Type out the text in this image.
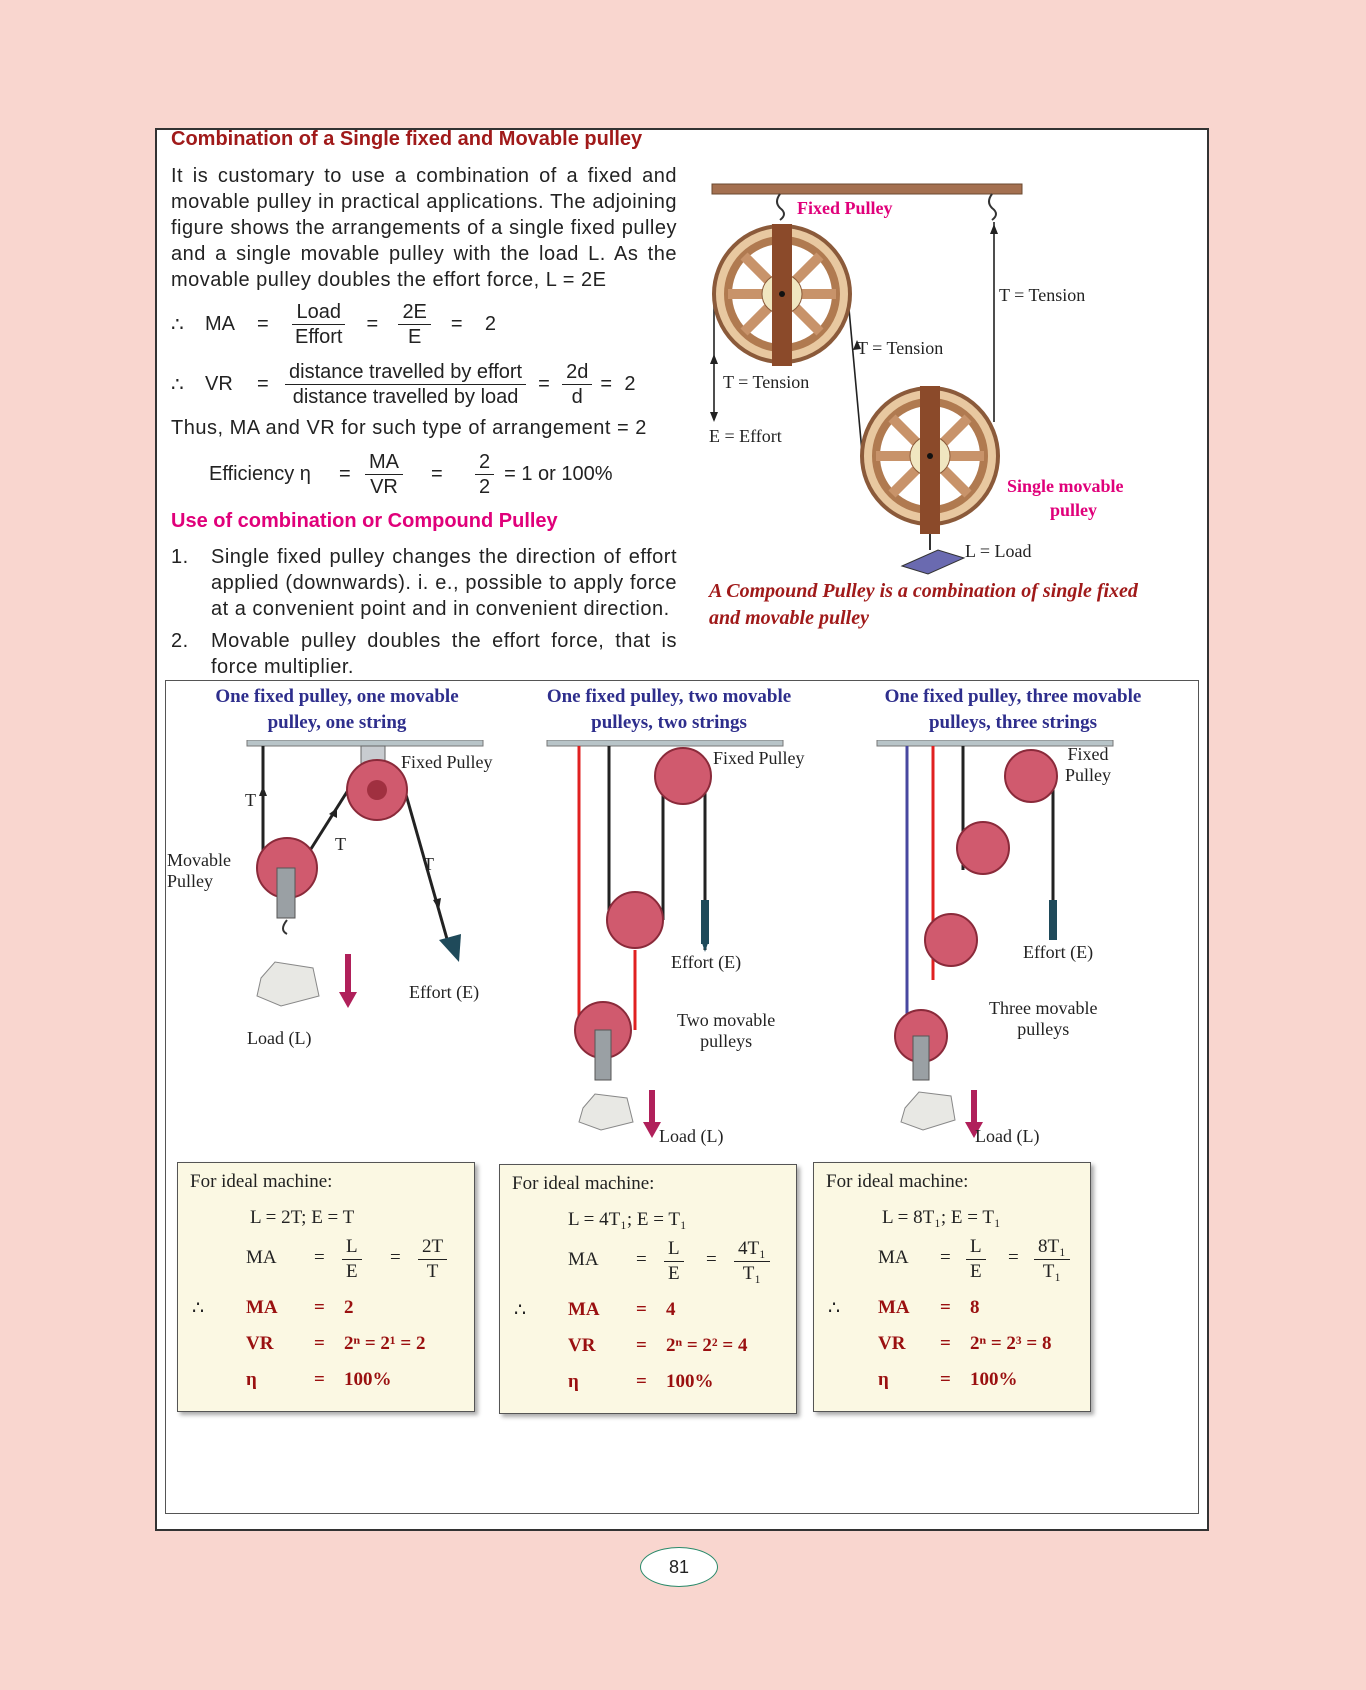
Combination of a Single fixed and Movable pulley
It is customary to use a combination of a fixed and movable pulley in practical applications. The adjoining figure shows the arrangements of a single fixed pulley and a single movable pulley with the load L. As the movable pulley doubles the effort force, L = 2E
∴	MA	=	$\frac{\text{Load}}{\text{Effort}}$ =	$\frac{2E}{E}$ =	2
∴	VR	= $\frac{\text{distance travelled by effort}}{\text{distance travelled by load}} = \frac{2d}{d} = 2$
Thus, MA and VR for such type of arrangement = 2
Efficiency η	= $\frac{MA}{VR}$ =	$\frac{2}{2} = 1$ or 100%
Use of combination or Compound Pulley
1.	Single fixed pulley changes the direction of effort applied (downwards). i. e., possible to apply force at a convenient point and in convenient direction.
2.	Movable pulley doubles the effort force, that is force multiplier.
Fixed Pulley
T = Tension
T = Tension
T = Tension
E = Effort
Single movable
pulley
L = Load
A Compound Pulley is a combination of single fixed and movable pulley
One fixed pulley, one movable
pulley, one string
Fixed Pulley
T
T
T
Movable
Pulley
Effort (E)
Load (L)
For ideal machine:
L = 2T; E = T
MA = $\frac{L}{E} = \frac{2T}{T}$
∴ MA = 2
VR = 2ⁿ = 2¹ = 2
η	= 100%
One fixed pulley, two movable
pulleys, two strings
Fixed Pulley
Effort (E)
Two movable
pulleys
Load (L)
For ideal machine:
L = 4T₁; E = T₁
MA = $\frac{L}{E} = \frac{\text{4T₁}}{\text{T₁}}$
∴ MA = 4
VR = 2ⁿ = 2² = 4
η	= 100%
One fixed pulley, three movable
pulleys, three strings
Fixed
Pulley
Effort (E)
Three movable
pulleys
Load (L)
For ideal machine:
L = 8T₁; E = T₁
MA = $\frac{L}{E} = \frac{\text{8T₁}}{\text{T₁}}$
∴ MA = 8
VR = 2ⁿ = 2³ = 8
η	= 100%
81
